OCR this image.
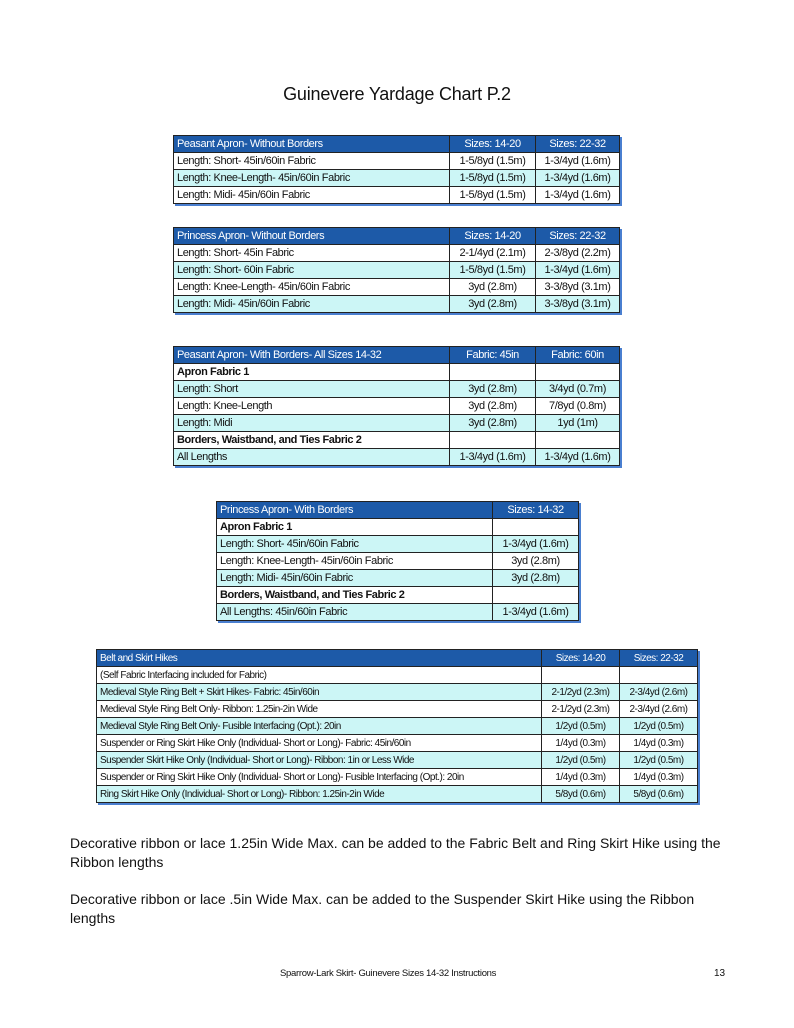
Guinevere Yardage Chart P.2
Peasant Apron- Without Borders	Sizes: 14-20	Sizes: 22-32
Length: Short- 45in/60in Fabric	1-5/8yd (1.5m)	1-3/4yd (1.6m)
Length: Knee-Length- 45in/60in Fabric	1-5/8yd (1.5m)	1-3/4yd (1.6m)
Length: Midi- 45in/60in Fabric	1-5/8yd (1.5m)	1-3/4yd (1.6m)
Princess Apron- Without Borders	Sizes: 14-20	Sizes: 22-32
Length: Short- 45in Fabric	2-1/4yd (2.1m)	2-3/8yd (2.2m)
Length: Short- 60in Fabric	1-5/8yd (1.5m)	1-3/4yd (1.6m)
Length: Knee-Length- 45in/60in Fabric	3yd (2.8m)	3-3/8yd (3.1m)
Length: Midi- 45in/60in Fabric	3yd (2.8m)	3-3/8yd (3.1m)
Peasant Apron- With Borders- All Sizes 14-32	Fabric: 45in	Fabric: 60in
Apron Fabric 1		
Length: Short	3yd (2.8m)	3/4yd (0.7m)
Length: Knee-Length	3yd (2.8m)	7/8yd (0.8m)
Length: Midi	3yd (2.8m)	1yd (1m)
Borders, Waistband, and Ties Fabric 2		
All Lengths	1-3/4yd (1.6m)	1-3/4yd (1.6m)
Princess Apron- With Borders	Sizes: 14-32
Apron Fabric 1	
Length: Short- 45in/60in Fabric	1-3/4yd (1.6m)
Length: Knee-Length- 45in/60in Fabric	3yd (2.8m)
Length: Midi- 45in/60in Fabric	3yd (2.8m)
Borders, Waistband, and Ties Fabric 2	
All Lengths: 45in/60in Fabric	1-3/4yd (1.6m)
Belt and Skirt Hikes	Sizes: 14-20	Sizes: 22-32
(Self Fabric Interfacing included for Fabric)		
Medieval Style Ring Belt + Skirt Hikes- Fabric: 45in/60in	2-1/2yd (2.3m)	2-3/4yd (2.6m)
Medieval Style Ring Belt Only- Ribbon: 1.25in-2in Wide	2-1/2yd (2.3m)	2-3/4yd (2.6m)
Medieval Style Ring Belt Only- Fusible Interfacing (Opt.): 20in	1/2yd (0.5m)	1/2yd (0.5m)
Suspender or Ring Skirt Hike Only (Individual- Short or Long)- Fabric: 45in/60in	1/4yd (0.3m)	1/4yd (0.3m)
Suspender Skirt Hike Only (Individual- Short or Long)- Ribbon: 1in or Less Wide	1/2yd (0.5m)	1/2yd (0.5m)
Suspender or Ring Skirt Hike Only (Individual- Short or Long)- Fusible Interfacing (Opt.): 20in	1/4yd (0.3m)	1/4yd (0.3m)
Ring Skirt Hike Only (Individual- Short or Long)- Ribbon: 1.25in-2in Wide	5/8yd (0.6m)	5/8yd (0.6m)

Decorative ribbon or lace 1.25in Wide Max. can be added to the Fabric Belt and Ring Skirt Hike using the Ribbon lengths

Decorative ribbon or lace .5in Wide Max. can be added to the Suspender Skirt Hike using the Ribbon lengths

Sparrow-Lark Skirt- Guinevere Sizes 14-32 Instructions	13
